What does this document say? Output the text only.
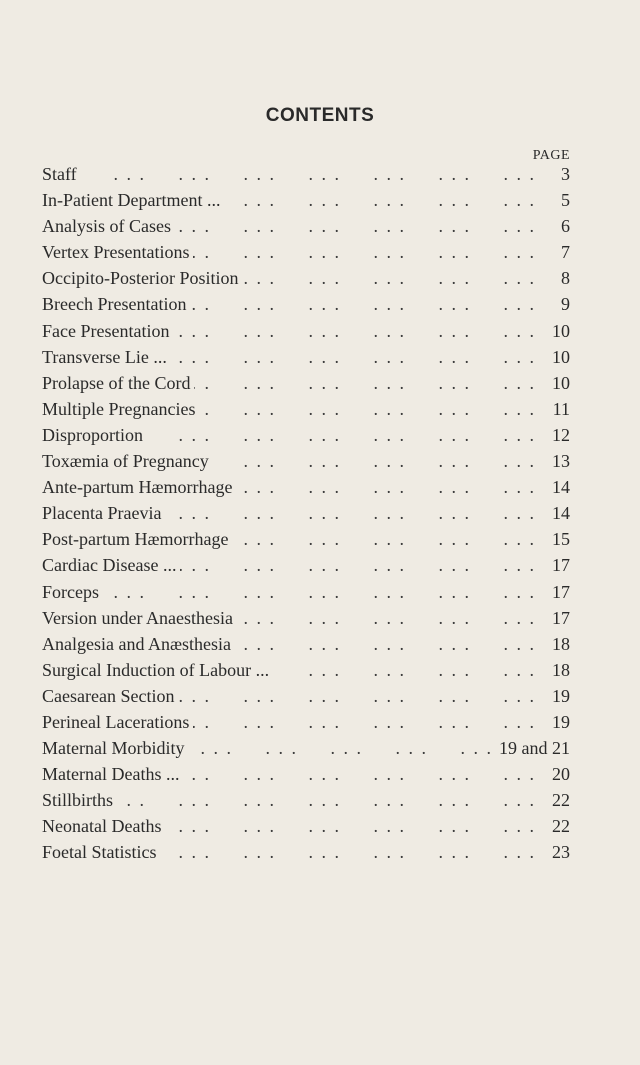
CONTENTS
PAGE
Staff . . .	3
In-Patient Department ... . . .	5
Analysis of Cases . . .	6
Vertex Presentations . . .	7
Occipito-Posterior Position . . .	8
Breech Presentation . . .	9
Face Presentation . . .	10
Transverse Lie ... . . .	10
Prolapse of the Cord . . .	10
Multiple Pregnancies . . .	11
Disproportion . . .	12
Toxæmia of Pregnancy . . .	13
Ante-partum Hæmorrhage . . .	14
Placenta Praevia . . .	14
Post-partum Hæmorrhage . . .	15
Cardiac Disease ... . . .	17
Forceps . . .	17
Version under Anaesthesia . . .	17
Analgesia and Anæsthesia . . .	18
Surgical Induction of Labour ... . . .	18
Caesarean Section . . .	19
Perineal Lacerations . . .	19
Maternal Morbidity . . .	19 and 21
Maternal Deaths ... . . .	20
Stillbirths . . .	22
Neonatal Deaths . . .	22
Foetal Statistics . . .	23
